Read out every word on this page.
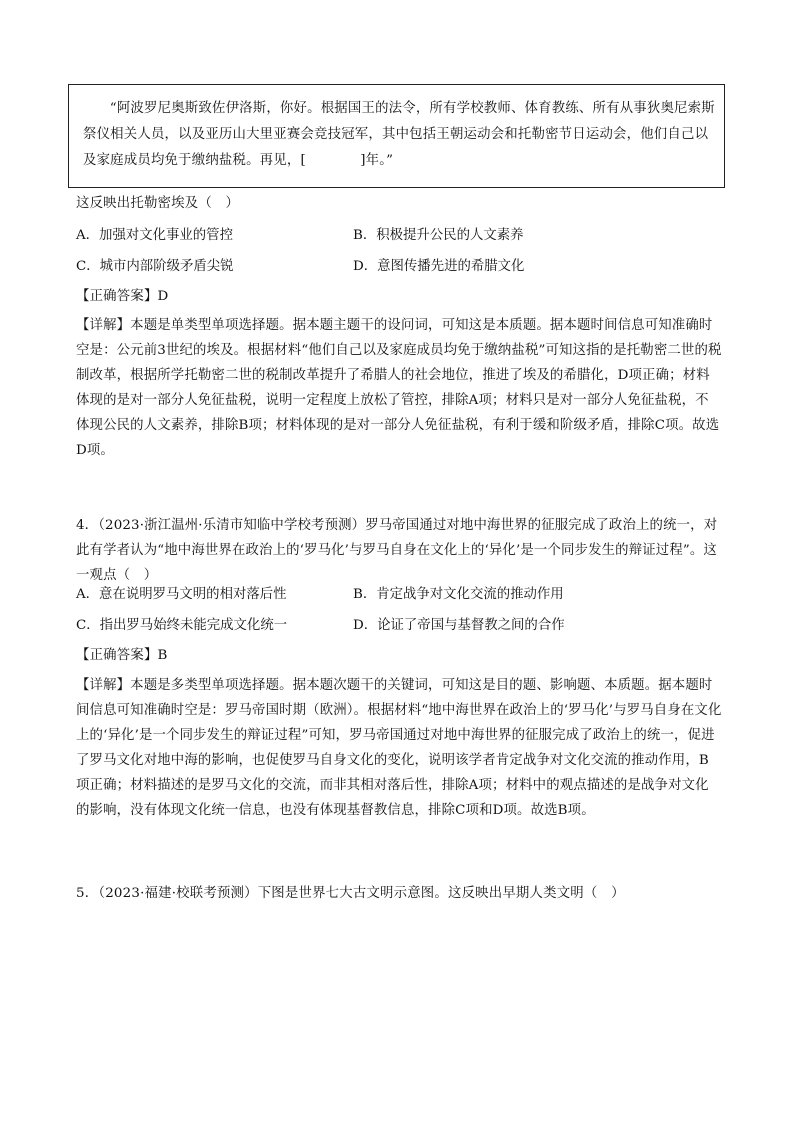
“阿波罗尼奥斯致佐伊洛斯，你好。根据国王的法令，所有学校教师、体育教练、所有从事狄奥尼索斯祭仪相关人员，以及亚历山大里亚赛会竞技冠军，其中包括王朝运动会和托勒密节日运动会，他们自己以及家庭成员均免于缴纳盐税。再见，[　　　　]年。”

这反映出托勒密埃及（　）
A．加强对文化事业的管控	B．积极提升公民的人文素养
C．城市内部阶级矛盾尖锐	D．意图传播先进的希腊文化
【正确答案】D

【详解】本题是单类型单项选择题。据本题主题干的设问词，可知这是本质题。据本题时间信息可知准确时空是：公元前3世纪的埃及。根据材料“他们自己以及家庭成员均免于缴纳盐税”可知这指的是托勒密二世的税制改革，根据所学托勒密二世的税制改革提升了希腊人的社会地位，推进了埃及的希腊化，D项正确；材料体现的是对一部分人免征盐税，说明一定程度上放松了管控，排除A项；材料只是对一部分人免征盐税，不体现公民的人文素养，排除B项；材料体现的是对一部分人免征盐税，有利于缓和阶级矛盾，排除C项。故选D项。

4．（2023·浙江温州·乐清市知临中学校考预测）罗马帝国通过对地中海世界的征服完成了政治上的统一，对此有学者认为“地中海世界在政治上的‘罗马化’与罗马自身在文化上的‘异化’是一个同步发生的辩证过程”。这一观点（　）

A．意在说明罗马文明的相对落后性	B．肯定战争对文化交流的推动作用
C．指出罗马始终未能完成文化统一	D．论证了帝国与基督教之间的合作
【正确答案】B

【详解】本题是多类型单项选择题。据本题次题干的关键词，可知这是目的题、影响题、本质题。据本题时间信息可知准确时空是：罗马帝国时期（欧洲）。根据材料“地中海世界在政治上的‘罗马化’与罗马自身在文化上的‘异化’是一个同步发生的辩证过程”可知，罗马帝国通过对地中海世界的征服完成了政治上的统一，促进了罗马文化对地中海的影响，也促使罗马自身文化的变化，说明该学者肯定战争对文化交流的推动作用，B项正确；材料描述的是罗马文化的交流，而非其相对落后性，排除A项；材料中的观点描述的是战争对文化的影响，没有体现文化统一信息，也没有体现基督教信息，排除C项和D项。故选B项。

5．（2023·福建·校联考预测）下图是世界七大古文明示意图。这反映出早期人类文明（　）
